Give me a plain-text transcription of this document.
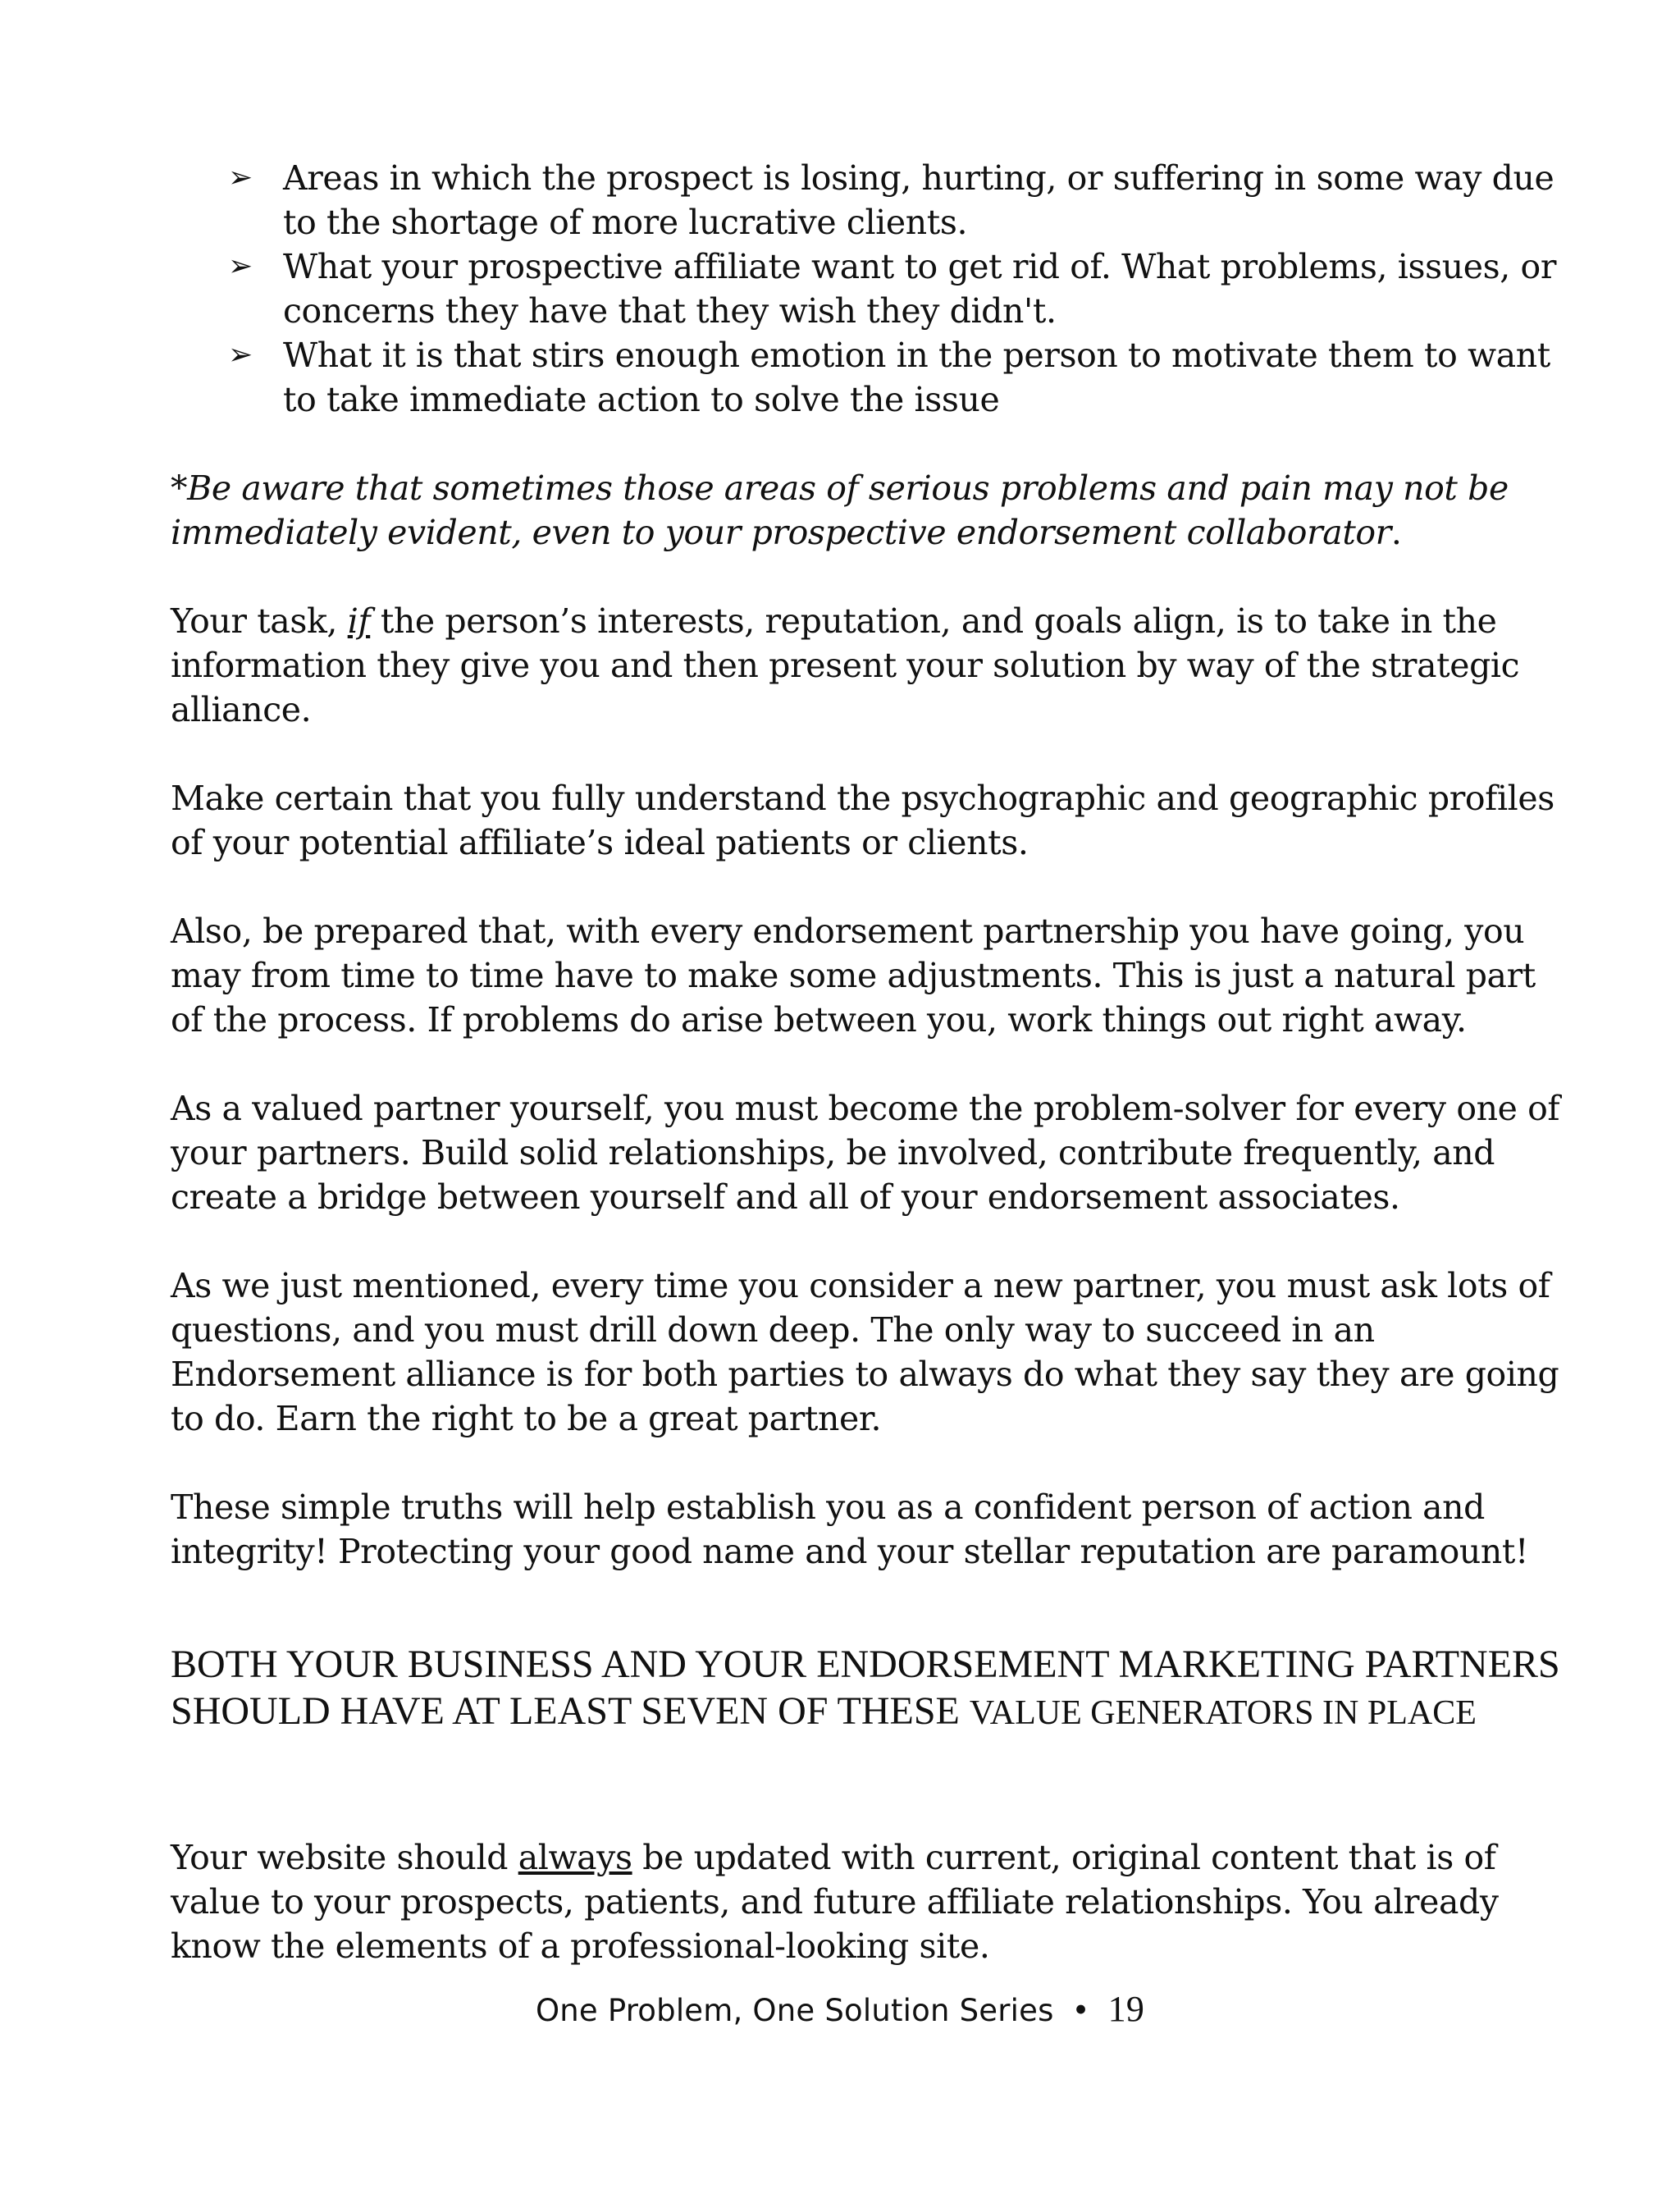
➢ Areas in which the prospect is losing, hurting, or suffering in some way due to the shortage of more lucrative clients.
➢ What your prospective affiliate want to get rid of. What problems, issues, or concerns they have that they wish they didn't.
➢ What it is that stirs enough emotion in the person to motivate them to want to take immediate action to solve the issue

*Be aware that sometimes those areas of serious problems and pain may not be immediately evident, even to your prospective endorsement collaborator.

Your task, if the person’s interests, reputation, and goals align, is to take in the information they give you and then present your solution by way of the strategic alliance.

Make certain that you fully understand the psychographic and geographic profiles of your potential affiliate’s ideal patients or clients.

Also, be prepared that, with every endorsement partnership you have going, you may from time to time have to make some adjustments. This is just a natural part of the process. If problems do arise between you, work things out right away.

As a valued partner yourself, you must become the problem-solver for every one of your partners. Build solid relationships, be involved, contribute frequently, and create a bridge between yourself and all of your endorsement associates.

As we just mentioned, every time you consider a new partner, you must ask lots of questions, and you must drill down deep. The only way to succeed in an Endorsement alliance is for both parties to always do what they say they are going to do. Earn the right to be a great partner.

These simple truths will help establish you as a confident person of action and integrity! Protecting your good name and your stellar reputation are paramount!

BOTH YOUR BUSINESS AND YOUR ENDORSEMENT MARKETING PARTNERS SHOULD HAVE AT LEAST SEVEN OF THESE VALUE GENERATORS IN PLACE

Your website should always be updated with current, original content that is of value to your prospects, patients, and future affiliate relationships. You already know the elements of a professional-looking site.

One Problem, One Solution Series • 19
